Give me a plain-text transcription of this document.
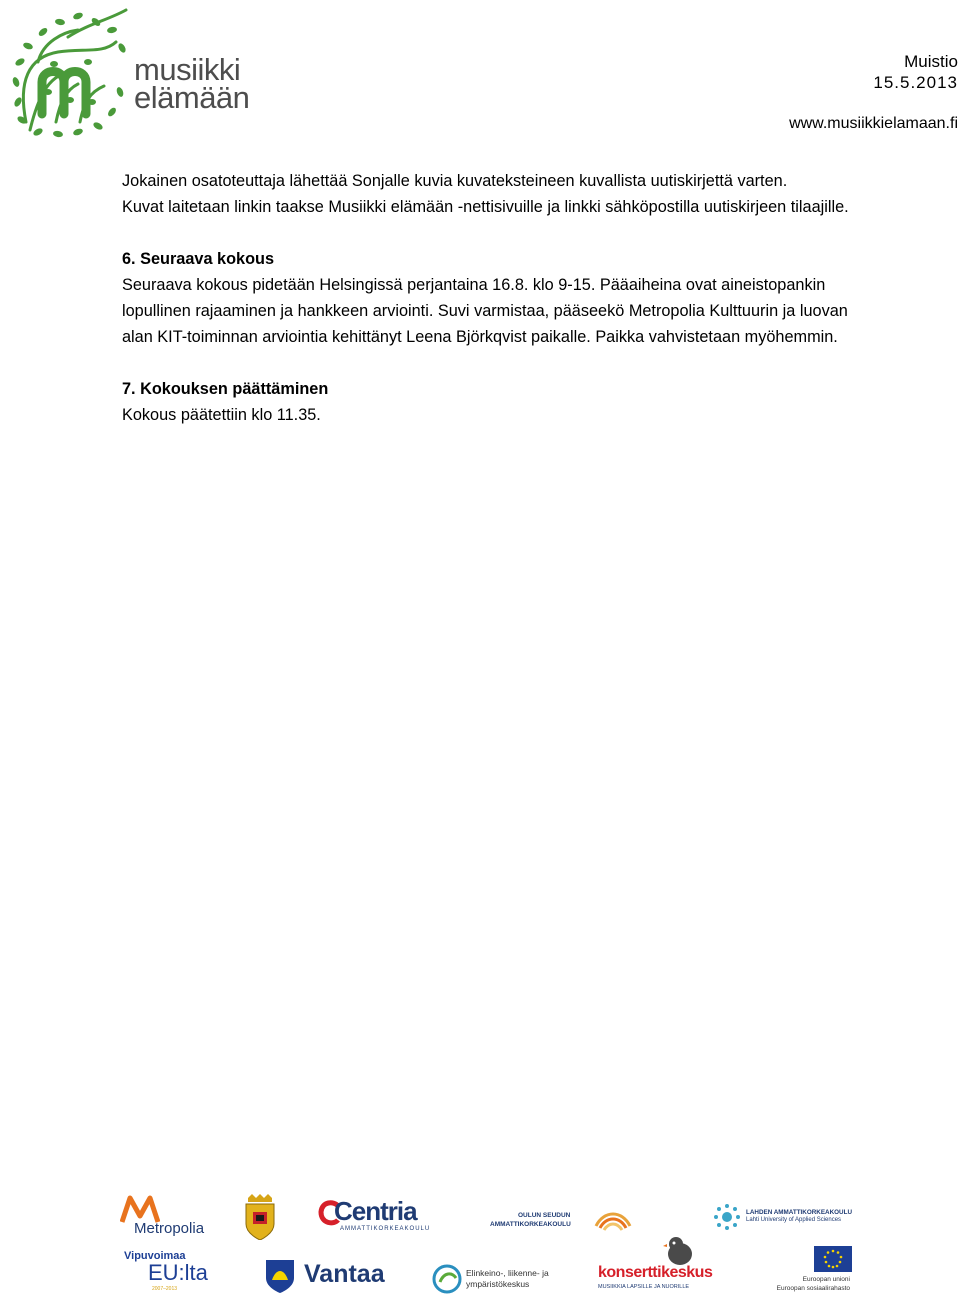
musiikki
elämään
Muistio
15.5.2013
www.musiikkielamaan.fi

Jokainen osatoteuttaja lähettää Sonjalle kuvia kuvateksteineen kuvallista uutiskirjettä varten.
Kuvat laitetaan linkin taakse Musiikki elämään -nettisivuille ja linkki sähköpostilla uutiskirjeen tilaajille.

6. Seuraava kokous

Seuraava kokous pidetään Helsingissä perjantaina 16.8. klo 9-15. Pääaiheina ovat aineistopankin lopullinen rajaaminen ja hankkeen arviointi. Suvi varmistaa, pääseekö Metropolia Kulttuurin ja luovan alan KIT-toiminnan arviointia kehittänyt Leena Björkqvist paikalle. Paikka vahvistetaan myöhemmin.

7. Kokouksen päättäminen

Kokous päätettiin klo 11.35.

Metropolia
Centria
AMMATTIKORKEAKOULU
OULUN SEUDUN
AMMATTIKORKEAKOULU
LAHDEN AMMATTIKORKEAKOULU
Lahti University of Applied Sciences
Vipuvoimaa
EU:lta
2007–2013
Vantaa	Elinkeino-, liikenne- ja
ympäristökeskus
konserttikeskus
MUSIIKKIA LAPSILLE JA NUORILLE
Euroopan unioni
Euroopan sosiaalirahasto
